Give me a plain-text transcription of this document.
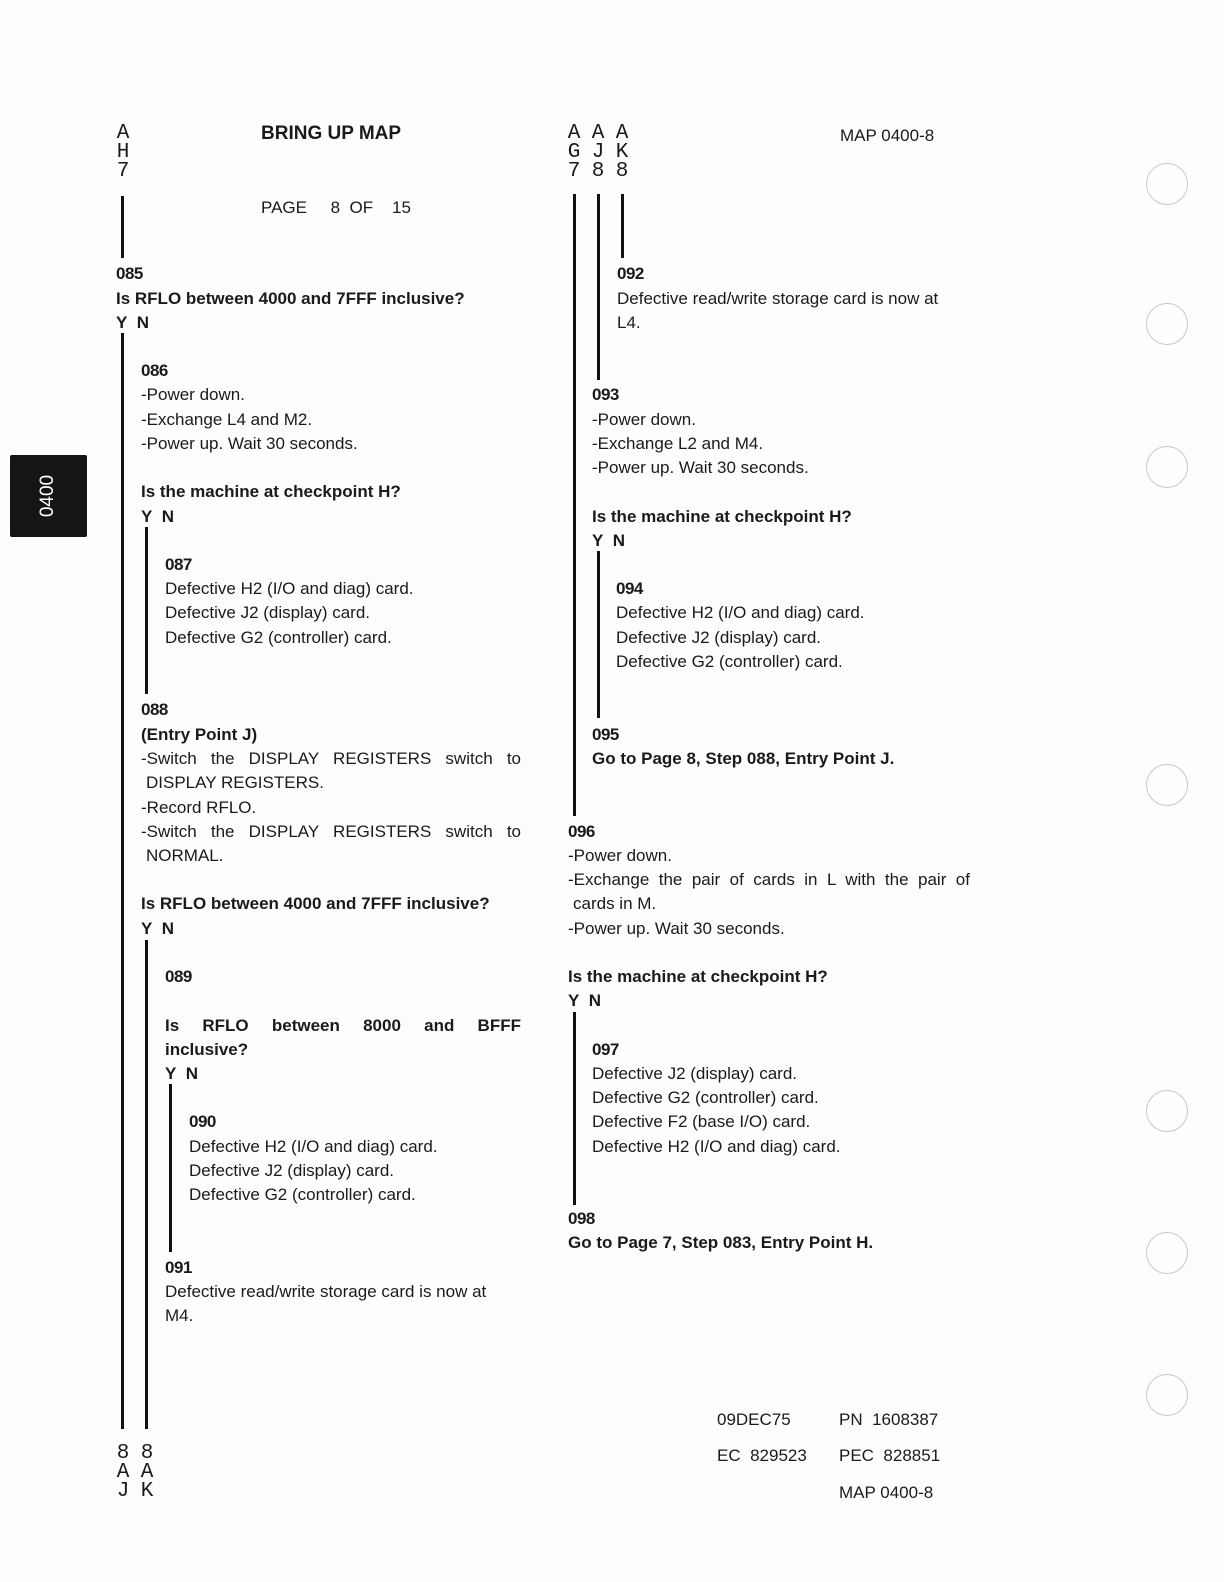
0400
A
H
7
BRING UP MAP
PAGE 8 OF 15
A
G
7
A
J
8
A
K
8
MAP 0400-8
085
Is RFLO between 4000 and 7FFF inclusive?
Y N
086
-Power down.
-Exchange L4 and M2.
-Power up. Wait 30 seconds.
Is the machine at checkpoint H?
Y N
087
Defective H2 (I/O and diag) card.
Defective J2 (display) card.
Defective G2 (controller) card.
088
(Entry Point J)
-Switch the DISPLAY REGISTERS switch to
DISPLAY REGISTERS.
-Record RFLO.
-Switch the DISPLAY REGISTERS switch to
NORMAL.
Is RFLO between 4000 and 7FFF inclusive?
Y N
089
Is RFLO between 8000 and BFFF
inclusive?
Y N
090
Defective H2 (I/O and diag) card.
Defective J2 (display) card.
Defective G2 (controller) card.
091
Defective read/write storage card is now at
M4.
8
A
J
8
A
K
092
Defective read/write storage card is now at
L4.
093
-Power down.
-Exchange L2 and M4.
-Power up. Wait 30 seconds.
Is the machine at checkpoint H?
Y N
094
Defective H2 (I/O and diag) card.
Defective J2 (display) card.
Defective G2 (controller) card.
095
Go to Page 8, Step 088, Entry Point J.
096
-Power down.
-Exchange the pair of cards in L with the pair of
cards in M.
-Power up. Wait 30 seconds.
Is the machine at checkpoint H?
Y N
097
Defective J2 (display) card.
Defective G2 (controller) card.
Defective F2 (base I/O) card.
Defective H2 (I/O and diag) card.
098
Go to Page 7, Step 083, Entry Point H.
09DEC75	PN 1608387
EC 829523 PEC 828851
MAP 0400-8
